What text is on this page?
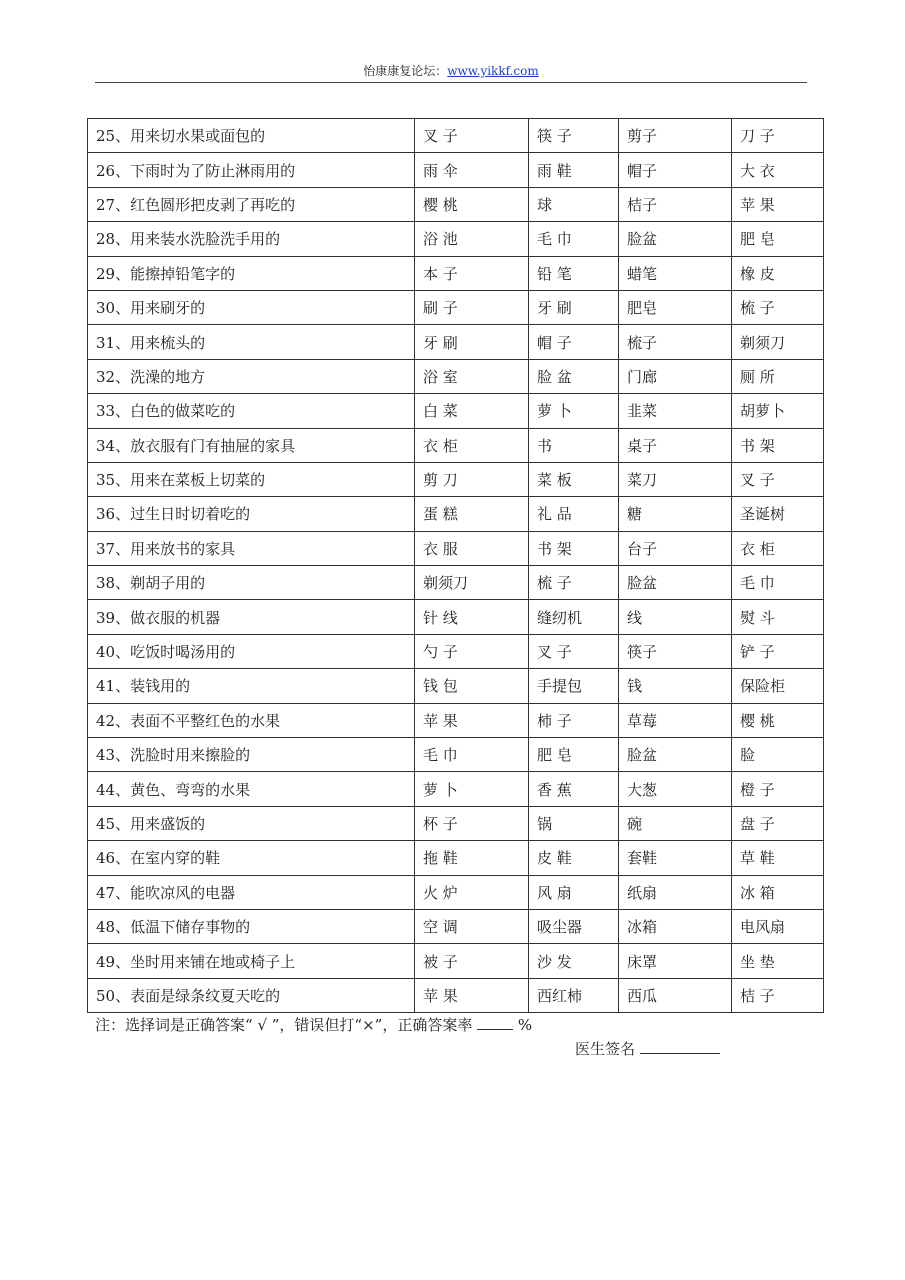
怡康康复论坛：www.yikkf.com
25、用来切水果或面包的	叉 子	筷 子	剪子	刀 子
26、下雨时为了防止淋雨用的	雨 伞	雨 鞋	帽子	大 衣
27、红色圆形把皮剥了再吃的	樱 桃	球	桔子	苹 果
28、用来装水洗脸洗手用的	浴 池	毛 巾	脸盆	肥 皂
29、能擦掉铅笔字的	本 子	铅 笔	蜡笔	橡 皮
30、用来刷牙的	刷 子	牙 刷	肥皂	梳 子
31、用来梳头的	牙 刷	帽 子	梳子	剃须刀
32、洗澡的地方	浴 室	脸 盆	门廊	厕 所
33、白色的做菜吃的	白 菜	萝 卜	韭菜	胡萝卜
34、放衣服有门有抽屉的家具	衣 柜	书	桌子	书 架
35、用来在菜板上切菜的	剪 刀	菜 板	菜刀	叉 子
36、过生日时切着吃的	蛋 糕	礼 品	糖	圣诞树
37、用来放书的家具	衣 服	书 架	台子	衣 柜
38、剃胡子用的	剃须刀	梳 子	脸盆	毛 巾
39、做衣服的机器	针 线	缝纫机	线	熨 斗
40、吃饭时喝汤用的	勺 子	叉 子	筷子	铲 子
41、装钱用的	钱 包	手提包	钱	保险柜
42、表面不平整红色的水果	苹 果	柿 子	草莓	樱 桃
43、洗脸时用来擦脸的	毛 巾	肥 皂	脸盆	脸
44、黄色、弯弯的水果	萝 卜	香 蕉	大葱	橙 子
45、用来盛饭的	杯 子	锅	碗	盘 子
46、在室内穿的鞋	拖 鞋	皮 鞋	套鞋	草 鞋
47、能吹凉风的电器	火 炉	风 扇	纸扇	冰 箱
48、低温下储存事物的	空 调	吸尘器	冰箱	电风扇
49、坐时用来铺在地或椅子上	被 子	沙 发	床罩	坐 垫
50、表面是绿条纹夏天吃的	苹 果	西红柿	西瓜	桔 子
注：选择词是正确答案“ √ ”，错误但打“×”，正确答案率	%
医生签名
